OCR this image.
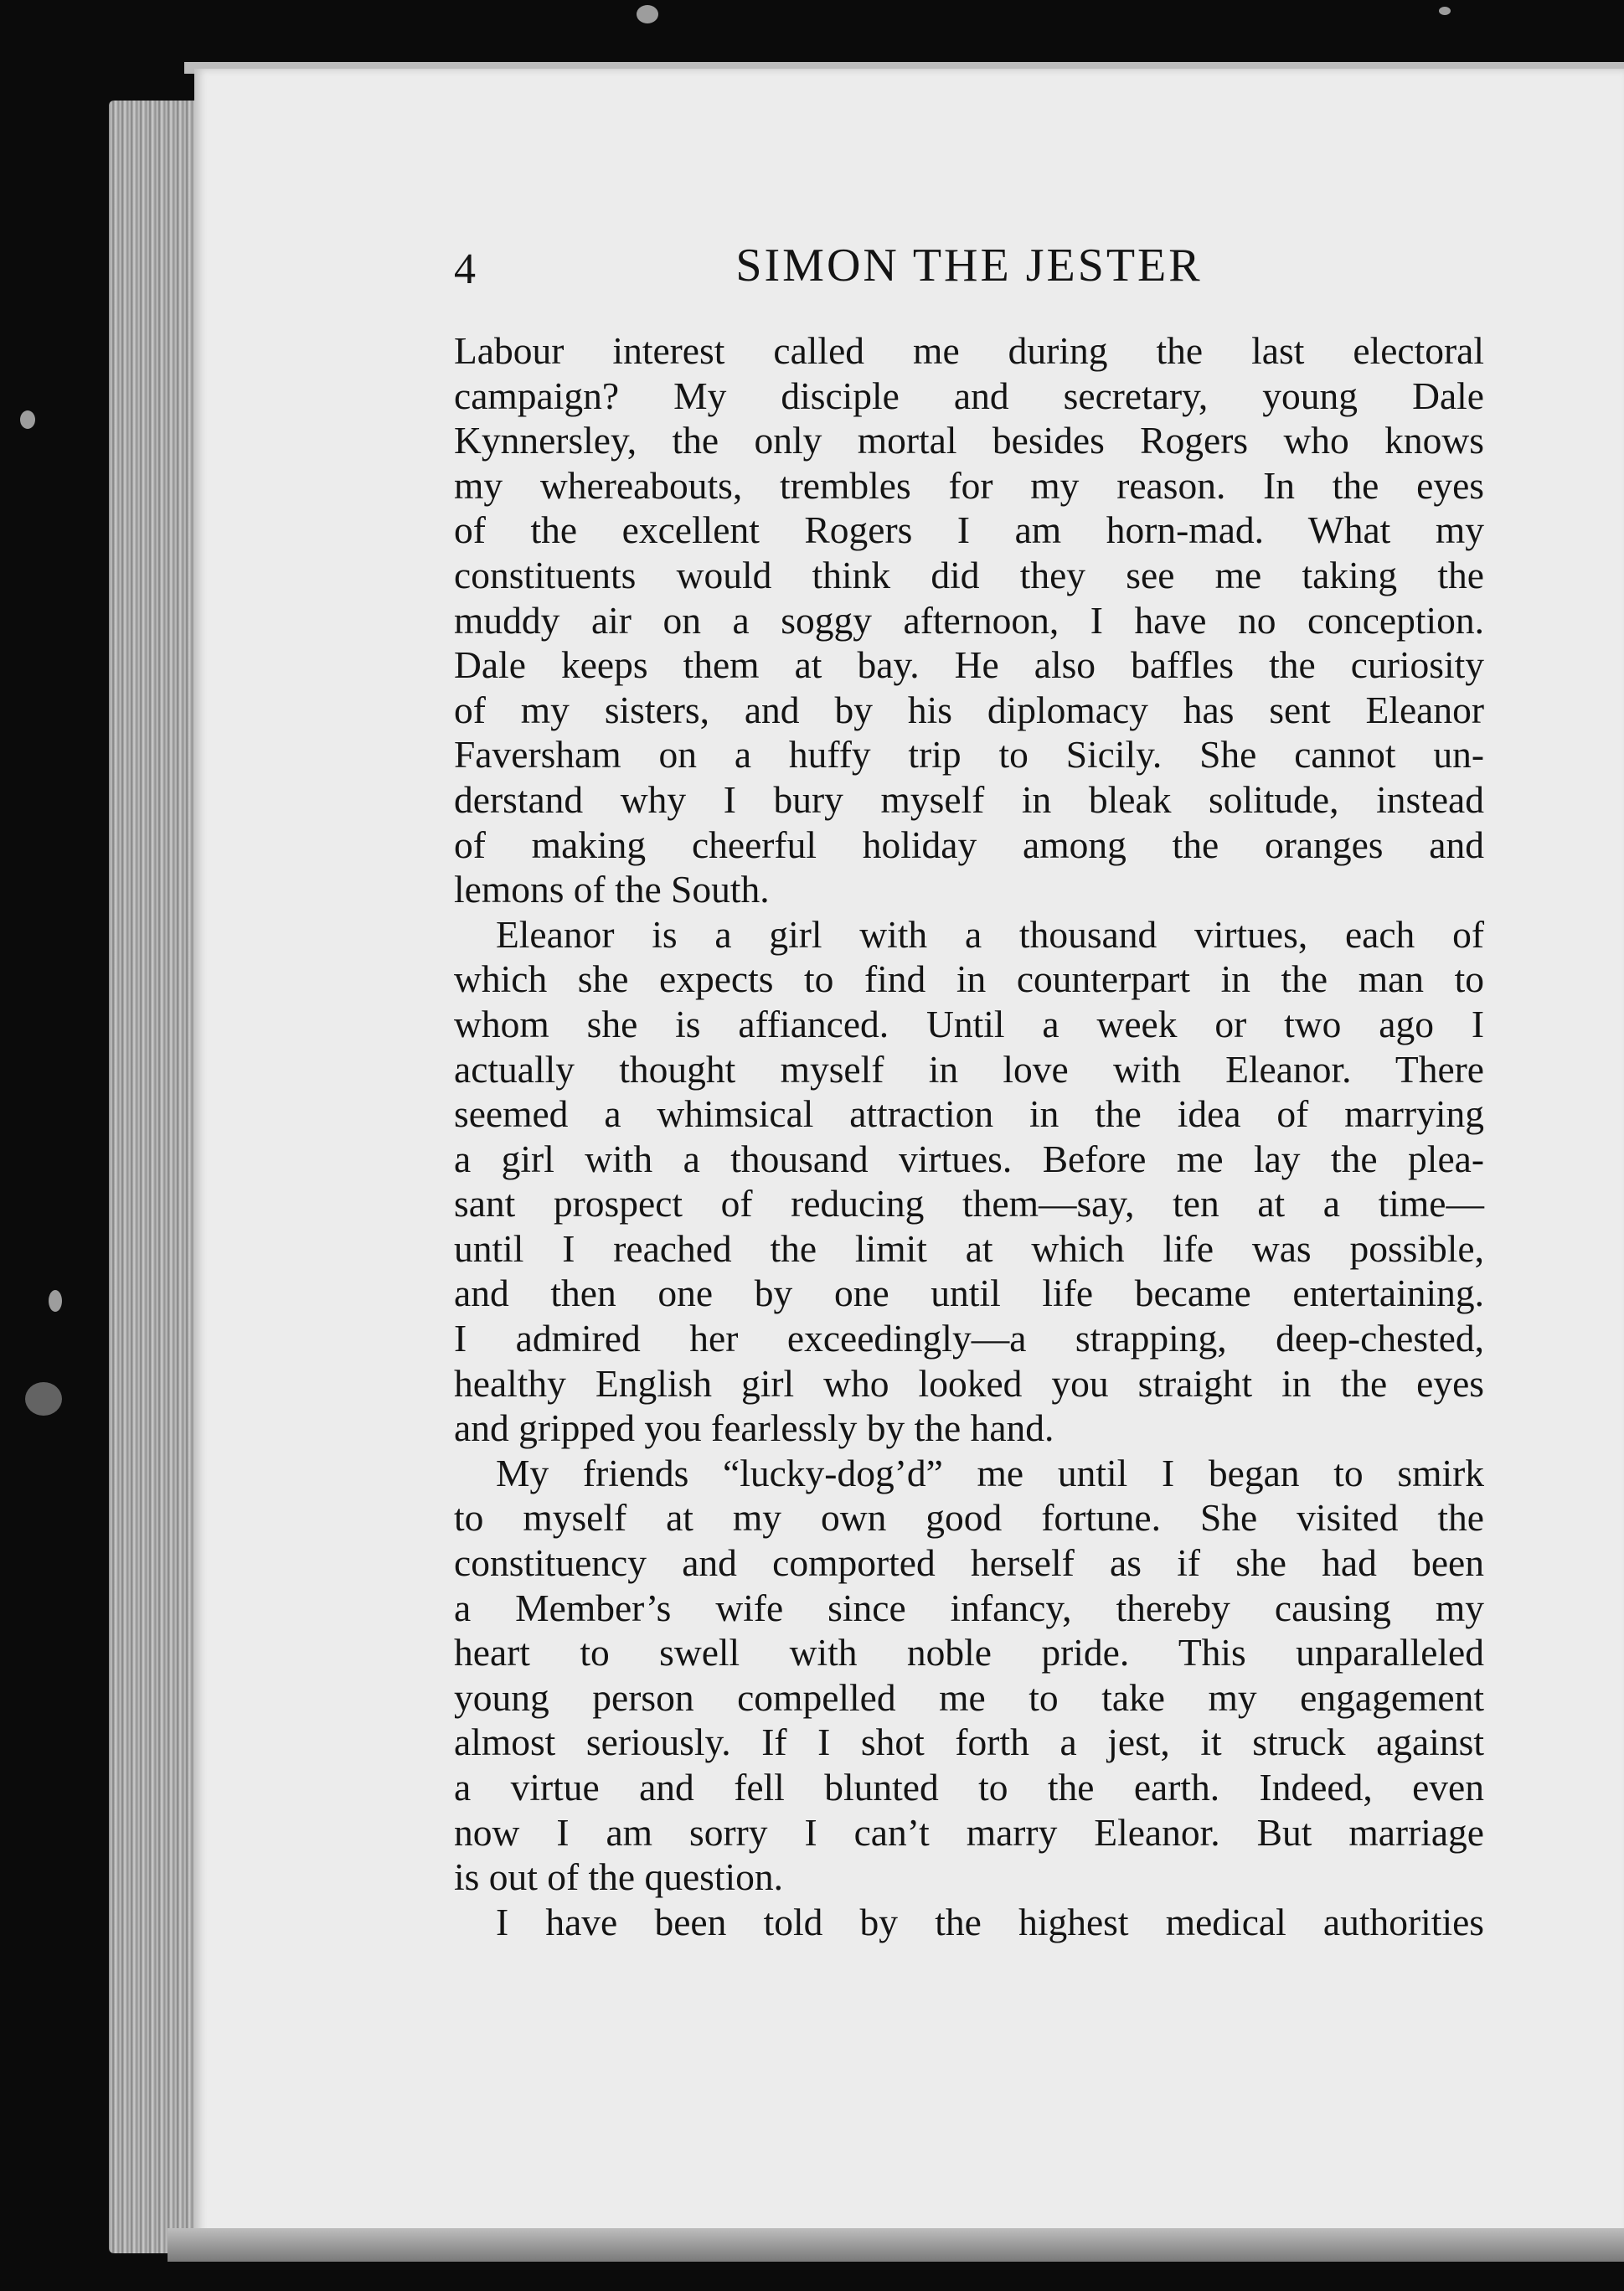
4	SIMON THE JESTER
Labour interest called me during the last electoral
campaign? My disciple and secretary, young Dale
Kynnersley, the only mortal besides Rogers who knows
my whereabouts, trembles for my reason. In the eyes
of the excellent Rogers I am horn-mad. What my
constituents would think did they see me taking the
muddy air on a soggy afternoon, I have no conception.
Dale keeps them at bay. He also baffles the curiosity
of my sisters, and by his diplomacy has sent Eleanor
Faversham on a huffy trip to Sicily. She cannot un-
derstand why I bury myself in bleak solitude, instead
of making cheerful holiday among the oranges and
lemons of the South.
Eleanor is a girl with a thousand virtues, each of
which she expects to find in counterpart in the man to
whom she is affianced. Until a week or two ago I
actually thought myself in love with Eleanor. There
seemed a whimsical attraction in the idea of marrying
a girl with a thousand virtues. Before me lay the plea-
sant prospect of reducing them—say, ten at a time—
until I reached the limit at which life was possible,
and then one by one until life became entertaining.
I admired her exceedingly—a strapping, deep-chested,
healthy English girl who looked you straight in the eyes
and gripped you fearlessly by the hand.
My friends “lucky-dog’d” me until I began to smirk
to myself at my own good fortune. She visited the
constituency and comported herself as if she had been
a Member’s wife since infancy, thereby causing my
heart to swell with noble pride. This unparalleled
young person compelled me to take my engagement
almost seriously. If I shot forth a jest, it struck against
a virtue and fell blunted to the earth. Indeed, even
now I am sorry I can’t marry Eleanor. But marriage
is out of the question.
I have been told by the highest medical authorities
